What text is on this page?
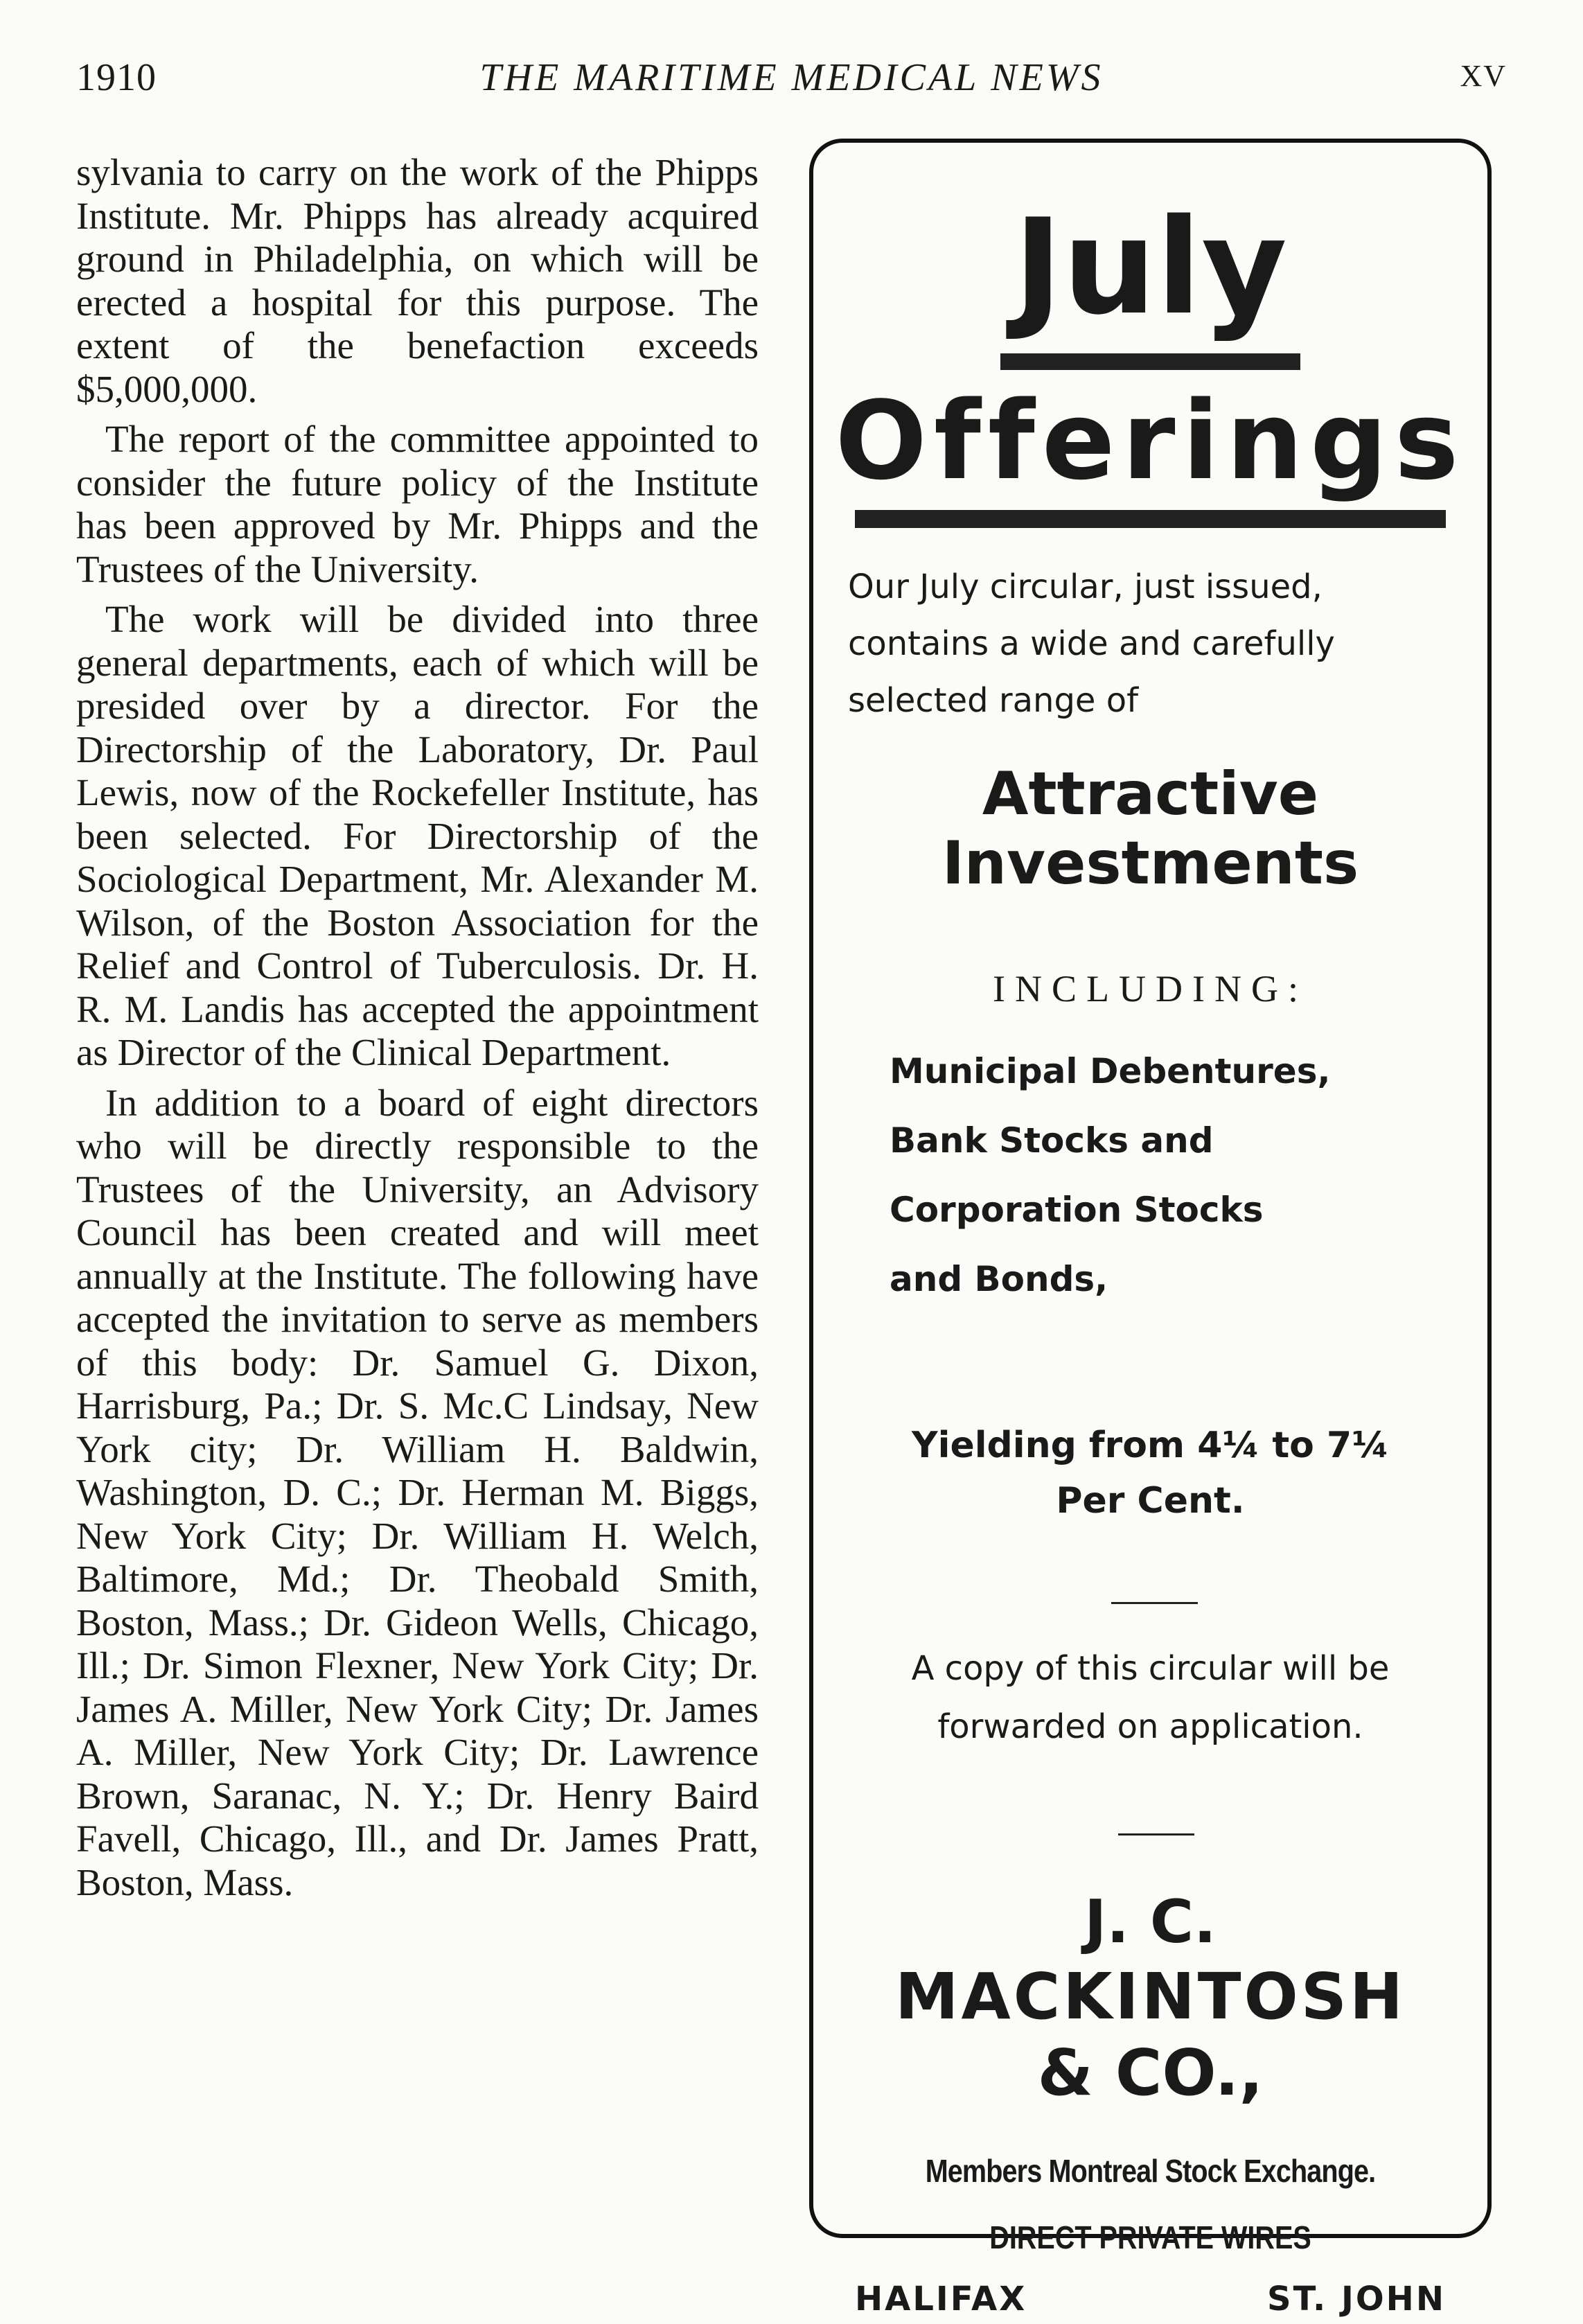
1910	THE MARITIME MEDICAL NEWS	XV

sylvania to carry on the work of the Phipps Institute. Mr. Phipps has already acquired ground in Philadelphia, on which will be erected a hospital for this purpose. The extent of the benefaction exceeds $5,000,000.

The report of the committee appointed to consider the future policy of the Institute has been approved by Mr. Phipps and the Trustees of the University.

The work will be divided into three general departments, each of which will be presided over by a director. For the Directorship of the Laboratory, Dr. Paul Lewis, now of the Rockefeller Institute, has been selected. For Directorship of the Sociological Department, Mr. Alexander M. Wilson, of the Boston Association for the Relief and Control of Tuberculosis. Dr. H. R. M. Landis has accepted the appointment as Director of the Clinical Department.

In addition to a board of eight directors who will be directly responsible to the Trustees of the University, an Advisory Council has been created and will meet annually at the Institute. The following have accepted the invitation to serve as members of this body: Dr. Samuel G. Dixon, Harrisburg, Pa.; Dr. S. Mc.C Lindsay, New York city; Dr. William H. Baldwin, Washington, D. C.; Dr. Herman M. Biggs, New York City; Dr. William H. Welch, Baltimore, Md.; Dr. Theobald Smith, Boston, Mass.; Dr. Gideon Wells, Chicago, Ill.; Dr. Simon Flexner, New York City; Dr. James A. Miller, New York City; Dr. James A. Miller, New York City; Dr. Lawrence Brown, Saranac, N. Y.; Dr. Henry Baird Favell, Chicago, Ill., and Dr. James Pratt, Boston, Mass.

July
Offerings
Our July circular, just issued, contains a wide and carefully selected range of
Attractive
Investments
INCLUDING:
Municipal Debentures,
Bank Stocks and
Corporation Stocks
and Bonds,
Yielding from 4¼ to 7¼
Per Cent.
A copy of this circular will be forwarded on application.
J. C.
MACKINTOSH
& CO.,
Members Montreal Stock Exchange.
DIRECT PRIVATE WIRES
HALIFAX	ST. JOHN
